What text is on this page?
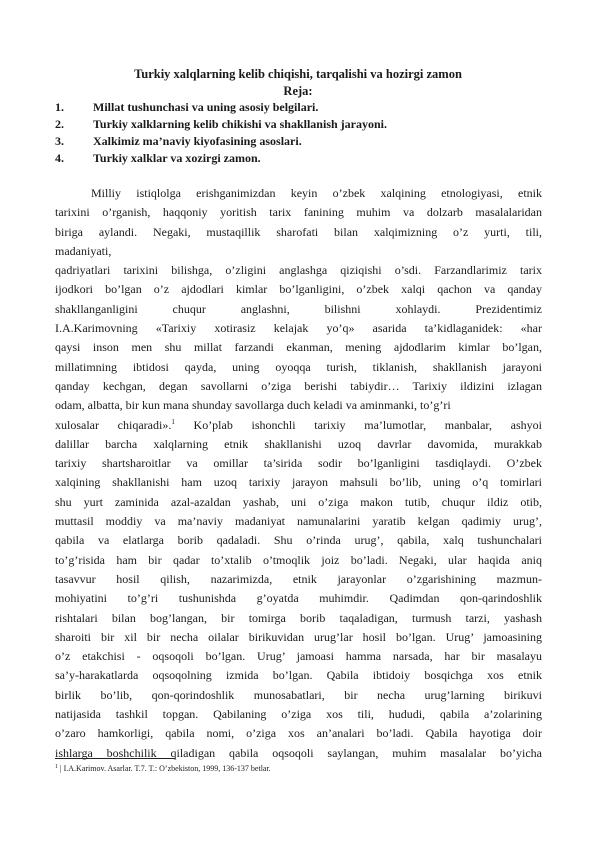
Turkiy xalqlarning kelib chiqishi, tarqalishi va hozirgi zamon
Reja:
1. Millat tushunchasi va uning asosiy belgilari.
2. Turkiy xalklarning kelib chikishi va shakllanish jarayoni.
3. Xalkimiz ma’naviy kiyofasining asoslari.
4. Turkiy xalklar va xozirgi zamon.
Milliy istiqlolga erishganimizdan keyin o’zbek xalqining etnologiyasi, etnik
tarixini o’rganish, haqqoniy yoritish tarix fanining muhim va dolzarb masalalaridan
biriga aylandi. Negaki, mustaqillik sharofati bilan xalqimizning o’z yurti, tili,
madaniyati,
qadriyatlari tarixini bilishga, o’zligini anglashga qiziqishi o’sdi. Farzandlarimiz tarix
ijodkori bo’lgan o’z ajdodlari kimlar bo’lganligini, o’zbek xalqi qachon va qanday
shakllanganligini chuqur anglashni, bilishni xohlaydi. Prezidentimiz
I.A.Karimovning «Tarixiy xotirasiz kelajak yo’q» asarida ta’kidlaganidek: «har
qaysi inson men shu millat farzandi ekanman, mening ajdodlarim kimlar bo’lgan,
millatimning ibtidosi qayda, uning oyoqqa turish, tiklanish, shakllanish jarayoni
qanday kechgan, degan savollarni o’ziga berishi tabiydir… Tarixiy ildizini izlagan
odam, albatta, bir kun mana shunday savollarga duch keladi va aminmanki, to’g’ri
xulosalar chiqaradi».$^1$ Ko’plab ishonchli tarixiy ma’lumotlar, manbalar, ashyoi
dalillar barcha xalqlarning etnik shakllanishi uzoq davrlar davomida, murakkab
tarixiy shartsharoitlar va omillar ta’sirida sodir bo’lganligini tasdiqlaydi. O’zbek
xalqining shakllanishi ham uzoq tarixiy jarayon mahsuli bo’lib, uning o’q tomirlari
shu yurt zaminida azal-azaldan yashab, uni o’ziga makon tutib, chuqur ildiz otib,
muttasil moddiy va ma’naviy madaniyat namunalarini yaratib kelgan qadimiy urug’,
qabila va elatlarga borib qadaladi. Shu o’rinda urug’, qabila, xalq tushunchalari
to’g’risida ham bir qadar to’xtalib o’tmoqlik joiz bo’ladi. Negaki, ular haqida aniq
tasavvur hosil qilish, nazarimizda, etnik jarayonlar o’zgarishining mazmun-
mohiyatini to’g’ri tushunishda g’oyatda muhimdir. Qadimdan qon-qarindoshlik
rishtalari bilan bog’langan, bir tomirga borib taqaladigan, turmush tarzi, yashash
sharoiti bir xil bir necha oilalar birikuvidan urug’lar hosil bo’lgan. Urug’ jamoasining
o’z etakchisi - oqsoqoli bo’lgan. Urug’ jamoasi hamma narsada, har bir masalayu
sa’y-harakatlarda oqsoqolning izmida bo’lgan. Qabila ibtidoiy bosqichga xos etnik
birlik bo’lib, qon-qorindoshlik munosabatlari, bir necha urug’larning birikuvi
natijasida tashkil topgan. Qabilaning o’ziga xos tili, hududi, qabila a’zolarining
o’zaro hamkorligi, qabila nomi, o’ziga xos an’analari bo’ladi. Qabila hayotiga doir
ishlarga boshchilik qiladigan qabila oqsoqoli saylangan, muhim masalalar bo’yicha
$^1$ | I.A.Karimov. Asarlar. T.7. T.: O’zbekiston, 1999, 136-137 betlar.
